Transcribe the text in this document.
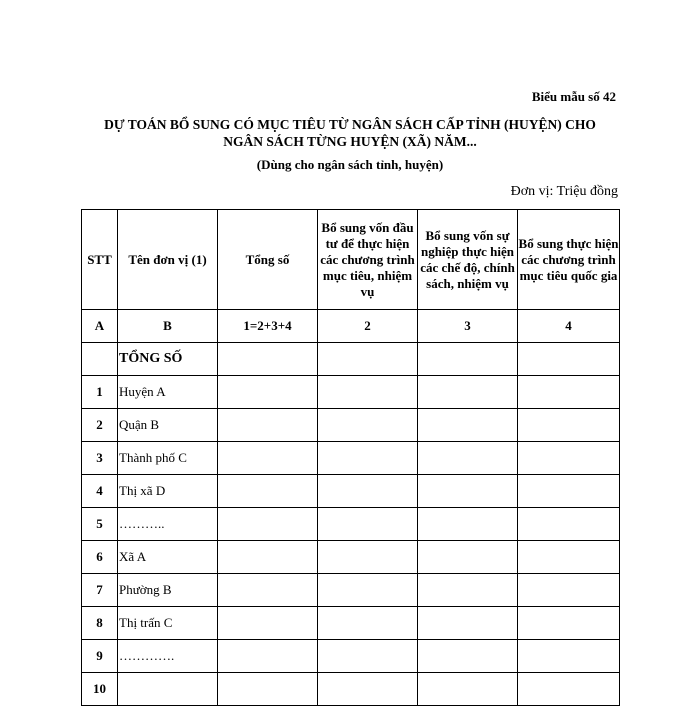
Biểu mẫu số 42
DỰ TOÁN BỔ SUNG CÓ MỤC TIÊU TỪ NGÂN SÁCH CẤP TỈNH (HUYỆN) CHO
NGÂN SÁCH TỪNG HUYỆN (XÃ) NĂM...
(Dùng cho ngân sách tỉnh, huyện)
Đơn vị: Triệu đồng
STT	Tên đơn vị (1)	Tổng số	Bổ sung vốn đầu tư để thực hiện các chương trình mục tiêu, nhiệm vụ	Bổ sung vốn sự nghiệp thực hiện các chế độ, chính sách, nhiệm vụ	Bổ sung thực hiện các chương trình mục tiêu quốc gia
A	B	1=2+3+4	2	3	4
	TỔNG SỐ				
1	Huyện A				
2	Quận B				
3	Thành phố C				
4	Thị xã D				
5	………..				
6	Xã A				
7	Phường B				
8	Thị trấn C				
9	………….				
10					
